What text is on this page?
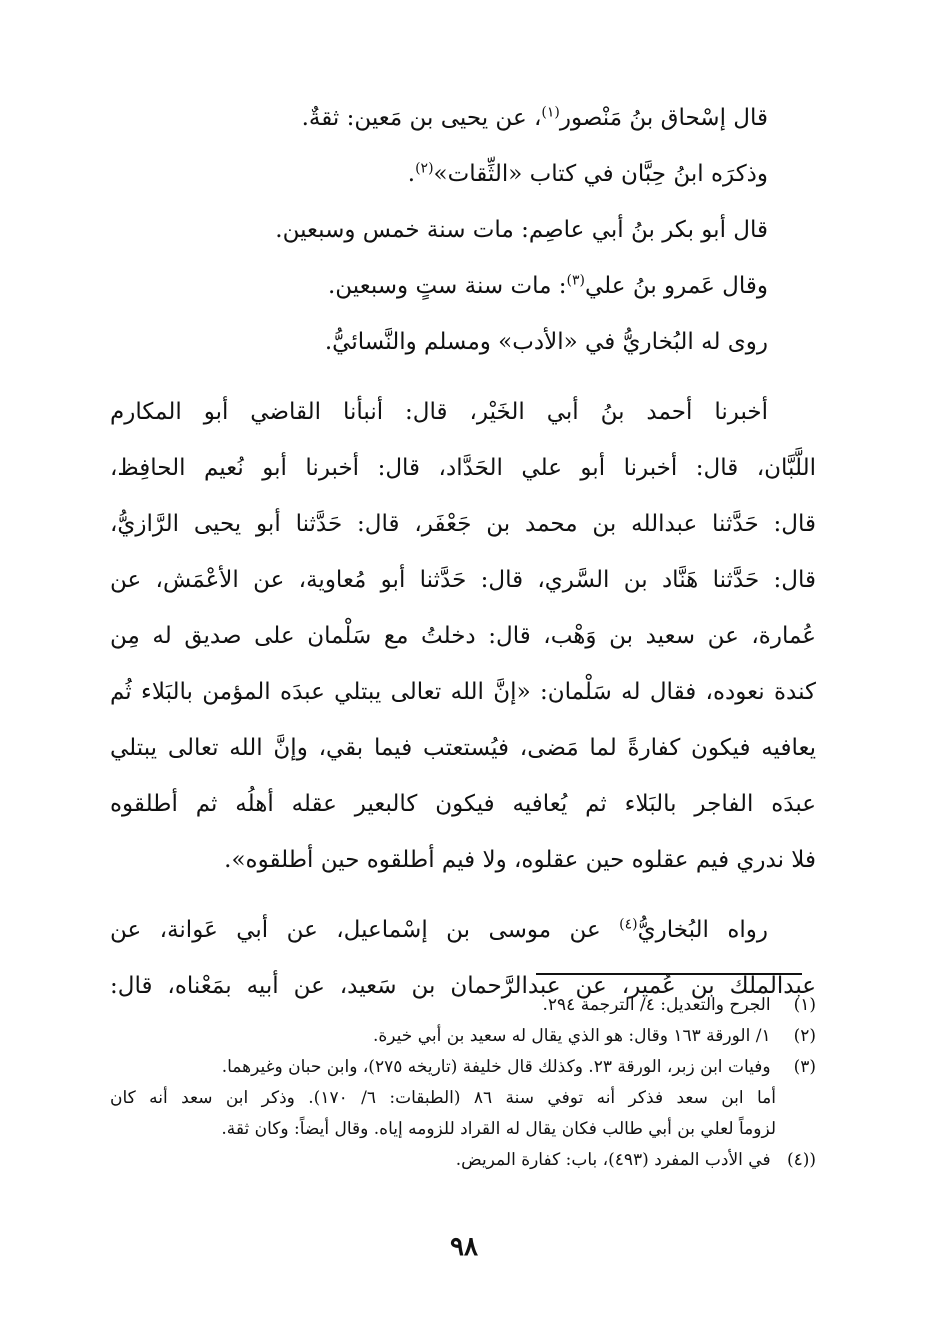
قال إسْحاق بنُ مَنْصور$^{(١)}$، عن يحيى بن مَعين: ثقةٌ.
وذكرَه ابنُ حِبَّان في كتاب «الثِّقات»$^{(٢)}$.
قال أبو بكر بنُ أبي عاصِم: مات سنة خمس وسبعين.
وقال عَمرو بنُ علي$^{(٣)}$: مات سنة ستٍ وسبعين.
روى له البُخاريُّ في «الأدب» ومسلم والنَّسائيُّ.
أخبرنا أحمد بنُ أبي الخَيْر، قال: أنبأنا القاضي أبو المكارم
اللَّبَّان، قال: أخبرنا أبو علي الحَدَّاد، قال: أخبرنا أبو نُعيم الحافِظ،
قال: حَدَّثنا عبدالله بن محمد بن جَعْفَر، قال: حَدَّثنا أبو يحيى الرَّازيُّ،
قال: حَدَّثنا هَنَّاد بن السَّري، قال: حَدَّثنا أبو مُعاوية، عن الأعْمَش، عن
عُمارة، عن سعيد بن وَهْب، قال: دخلتُ مع سَلْمان على صديق له مِن
كندة نعوده، فقال له سَلْمان: «إنَّ الله تعالى يبتلي عبدَه المؤمن بالبَلاء ثُم
يعافيه فيكون كفارةً لما مَضى، فيُستعتب فيما بقي، وإنَّ الله تعالى يبتلي
عبدَه الفاجر بالبَلاء ثم يُعافيه فيكون كالبعير عقله أهلُه ثم أطلقوه
فلا ندري فيم عقلوه حين عقلوه، ولا فيم أطلقوه حين أطلقوه».
رواه البُخاريُّ$^{(٤)}$ عن موسى بن إسْماعيل، عن أبي عَوانة، عن
عبدالملك بن عُمير، عن عبدالرَّحمان بن سَعيد، عن أبيه بمَعْناه، قال:
(١) الجرح والتعديل: ٤/ الترجمة ٢٩٤.
(٢) ١/ الورقة ١٦٣ وقال: هو الذي يقال له سعيد بن أبي خيرة.
(٣) وفيات ابن زبر، الورقة ٢٣. وكذلك قال خليفة (تاريخه ٢٧٥)، وابن حبان وغيرهما.
أما ابن سعد فذكر أنه توفي سنة ٨٦ (الطبقات: ٦/ ١٧٠). وذكر ابن سعد أنه كان
لزوماً لعلي بن أبي طالب فكان يقال له القراد للزومه إياه. وقال أيضاً: وكان ثقة.
((٤) في الأدب المفرد (٤٩٣)، باب: كفارة المريض.
٩٨
